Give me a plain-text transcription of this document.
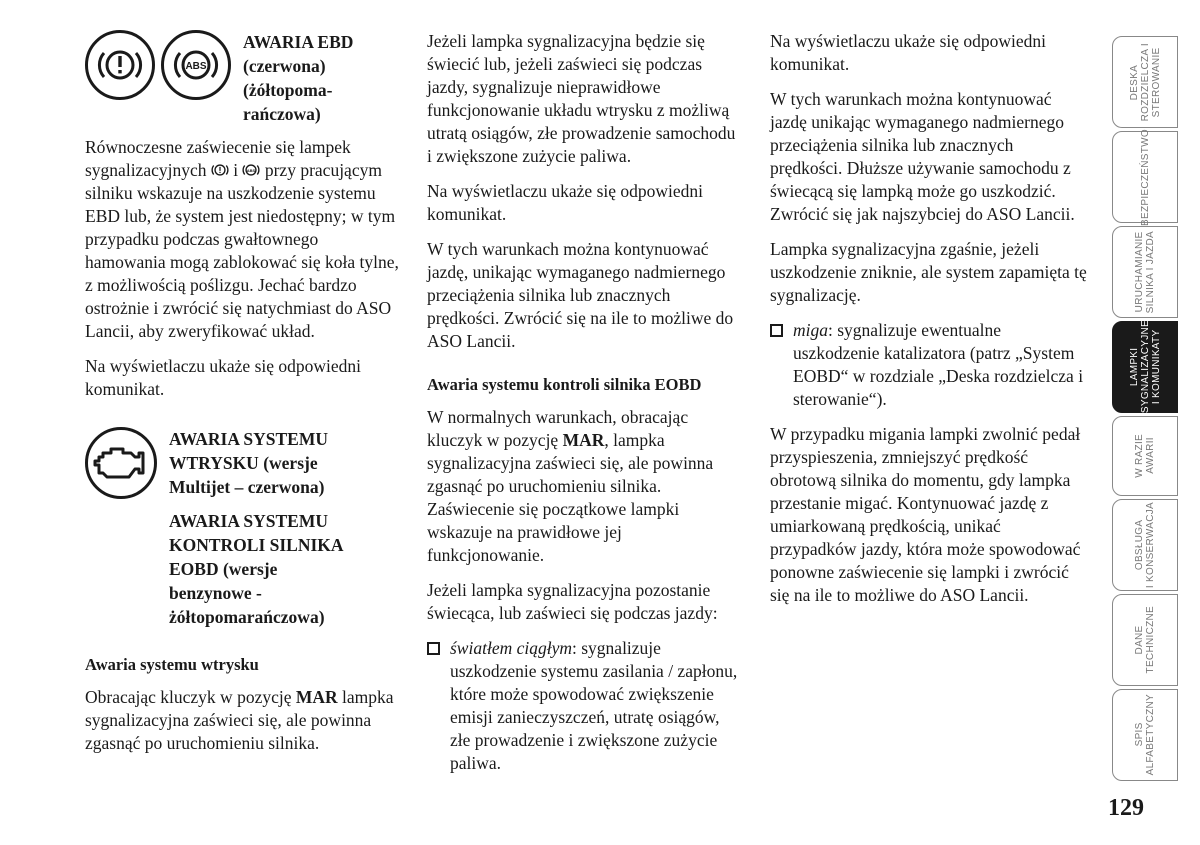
ABS
AWARIA EBD
(czerwona)
(żółtopoma-
rańczowa)

Równoczesne zaświecenie się lampek sygnalizacyjnych i ABS przy pracującym silniku wskazuje na uszkodzenie systemu EBD lub, że system jest niedostępny; w tym przypadku podczas gwałtownego hamowania mogą zablokować się koła tylne, z możliwością poślizgu. Jechać bardzo ostrożnie i zwrócić się natychmiast do ASO Lancii, aby zweryfikować układ.

Na wyświetlaczu ukaże się odpowiedni komunikat.

AWARIA SYSTEMU
WTRYSKU (wersje
Multijet – czerwona)
AWARIA SYSTEMU
KONTROLI SILNIKA
EOBD (wersje
benzynowe -
żółtopomarańczowa)
Awaria systemu wtrysku

Obracając kluczyk w pozycję MAR lampka sygnalizacyjna zaświeci się, ale powinna zgasnąć po uruchomieniu silnika.

Jeżeli lampka sygnalizacyjna będzie się świecić lub, jeżeli zaświeci się podczas jazdy, sygnalizuje nieprawidłowe funkcjonowanie układu wtrysku z możliwą utratą osiągów, złe prowadzenie samochodu i zwiększone zużycie paliwa.

Na wyświetlaczu ukaże się odpowiedni komunikat.

W tych warunkach można kontynuować jazdę, unikając wymaganego nadmiernego przeciążenia silnika lub znacznych prędkości. Zwrócić się na ile to możliwe do ASO Lancii.

Awaria systemu kontroli silnika EOBD

W normalnych warunkach, obracając kluczyk w pozycję MAR, lampka sygnalizacyjna zaświeci się, ale powinna zgasnąć po uruchomieniu silnika. Zaświecenie się początkowe lampki wskazuje na prawidłowe jej funkcjonowanie.

Jeżeli lampka sygnalizacyjna pozostanie świecąca, lub zaświeci się podczas jazdy:

światłem ciągłym: sygnalizuje uszkodzenie systemu zasilania / zapłonu, które może spowodować zwiększenie emisji zanieczyszczeń, utratę osiągów, złe prowadzenie i zwiększone zużycie paliwa.

Na wyświetlaczu ukaże się odpowiedni komunikat.

W tych warunkach można kontynuować jazdę unikając wymaganego nadmiernego przeciążenia silnika lub znacznych prędkości. Dłuższe używanie samochodu z świecącą się lampką może go uszkodzić. Zwrócić się jak najszybciej do ASO Lancii.

Lampka sygnalizacyjna zgaśnie, jeżeli uszkodzenie zniknie, ale system zapamięta tę sygnalizację.

miga: sygnalizuje ewentualne uszkodzenie katalizatora (patrz „System EOBD“ w rozdziale „Deska rozdzielcza i sterowanie“).

W przypadku migania lampki zwolnić pedał przyspieszenia, zmniejszyć prędkość obrotową silnika do momentu, gdy lampka przestanie migać. Kontynuować jazdę z umiarkowaną prędkością, unikać przypadków jazdy, która może spowodować ponowne zaświecenie się lampki i zwrócić się na ile to możliwe do ASO Lancii.

DESKA
ROZDZIELCZA I
STEROWANIE
BEZPIECZEŃSTWO
URUCHAMIANIE
SILNIKA I JAZDA
LAMPKI
SYGNALIZACYJNE
I KOMUNIKATY
W RAZIE
AWARII
OBSŁUGA
I KONSERWACJA
DANE
TECHNICZNE
SPIS
ALFABETYCZNY
129
